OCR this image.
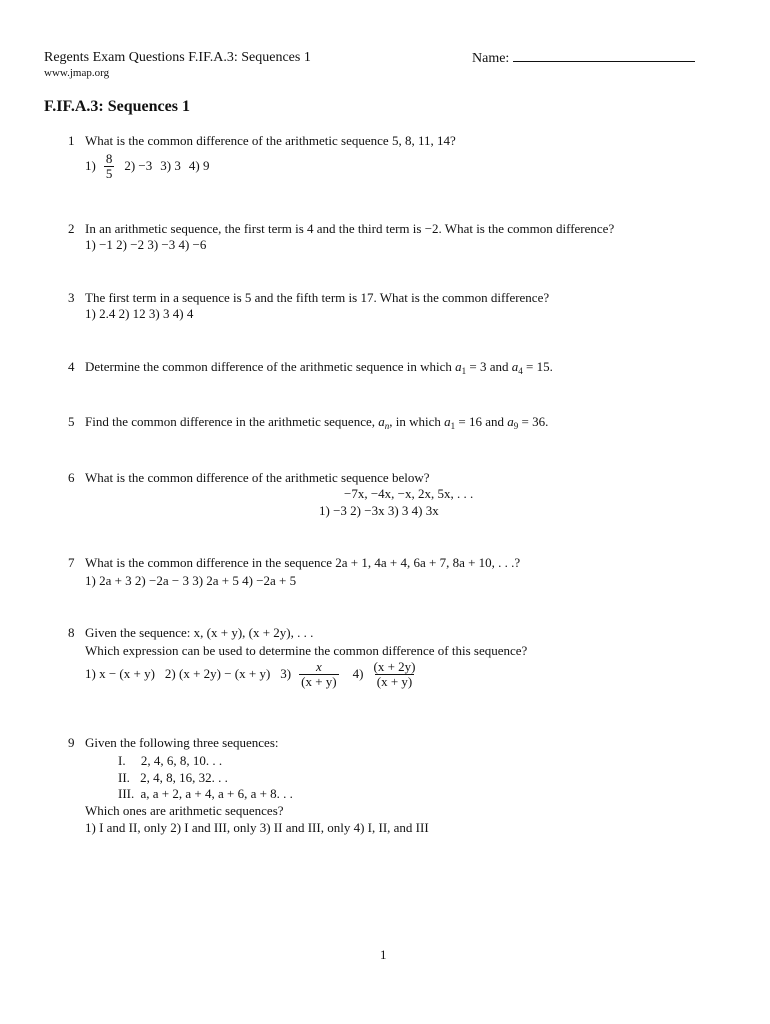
Regents Exam Questions F.IF.A.3: Sequences 1	Name:
www.jmap.org
F.IF.A.3: Sequences 1
1 What is the common difference of the arithmetic sequence 5, 8, 11, 14?
$1) \frac{8}{5} 2) -3$ 3) 3 4) 9
2 In an arithmetic sequence, the first term is 4 and the third term is −2. What is the common difference?
1) −1 2) −2 3) −3 4) −6
3 The first term in a sequence is 5 and the fifth term is 17. What is the common difference?
1) 2.4 2) 12 3) 3 4) 4
4 Determine the common difference of the arithmetic sequence in which $a_1 = 3$ and $a_4 = 15$.
5 Find the common difference in the arithmetic sequence, $a_n$, in which $a_1 = 16$ and $a_9 = 36$.
6 What is the common difference of the arithmetic sequence below?
−7x, −4x, −x, 2x, 5x, . . .
1) −3 2) −3x 3) 3 4) 3x
7 What is the common difference in the sequence 2a + 1, 4a + 4, 6a + 7, 8a + 10, . . .?
1) 2a + 3 2) −2a − 3 3) 2a + 5 4) −2a + 5
8 Given the sequence: x, (x + y), (x + 2y), . . .
Which expression can be used to determine the common difference of this sequence?
1) x − (x + y) 2) (x + 2y) − (x + y) $3) \frac{x}{(x + y)} 4) \frac{(x + 2y)}{(x + y)}$
9 Given the following three sequences:
I. 2, 4, 6, 8, 10. . .
II. 2, 4, 8, 16, 32. . .
III. a, a + 2, a + 4, a + 6, a + 8. . .
Which ones are arithmetic sequences?
1) I and II, only 2) I and III, only 3) II and III, only 4) I, II, and III
1
